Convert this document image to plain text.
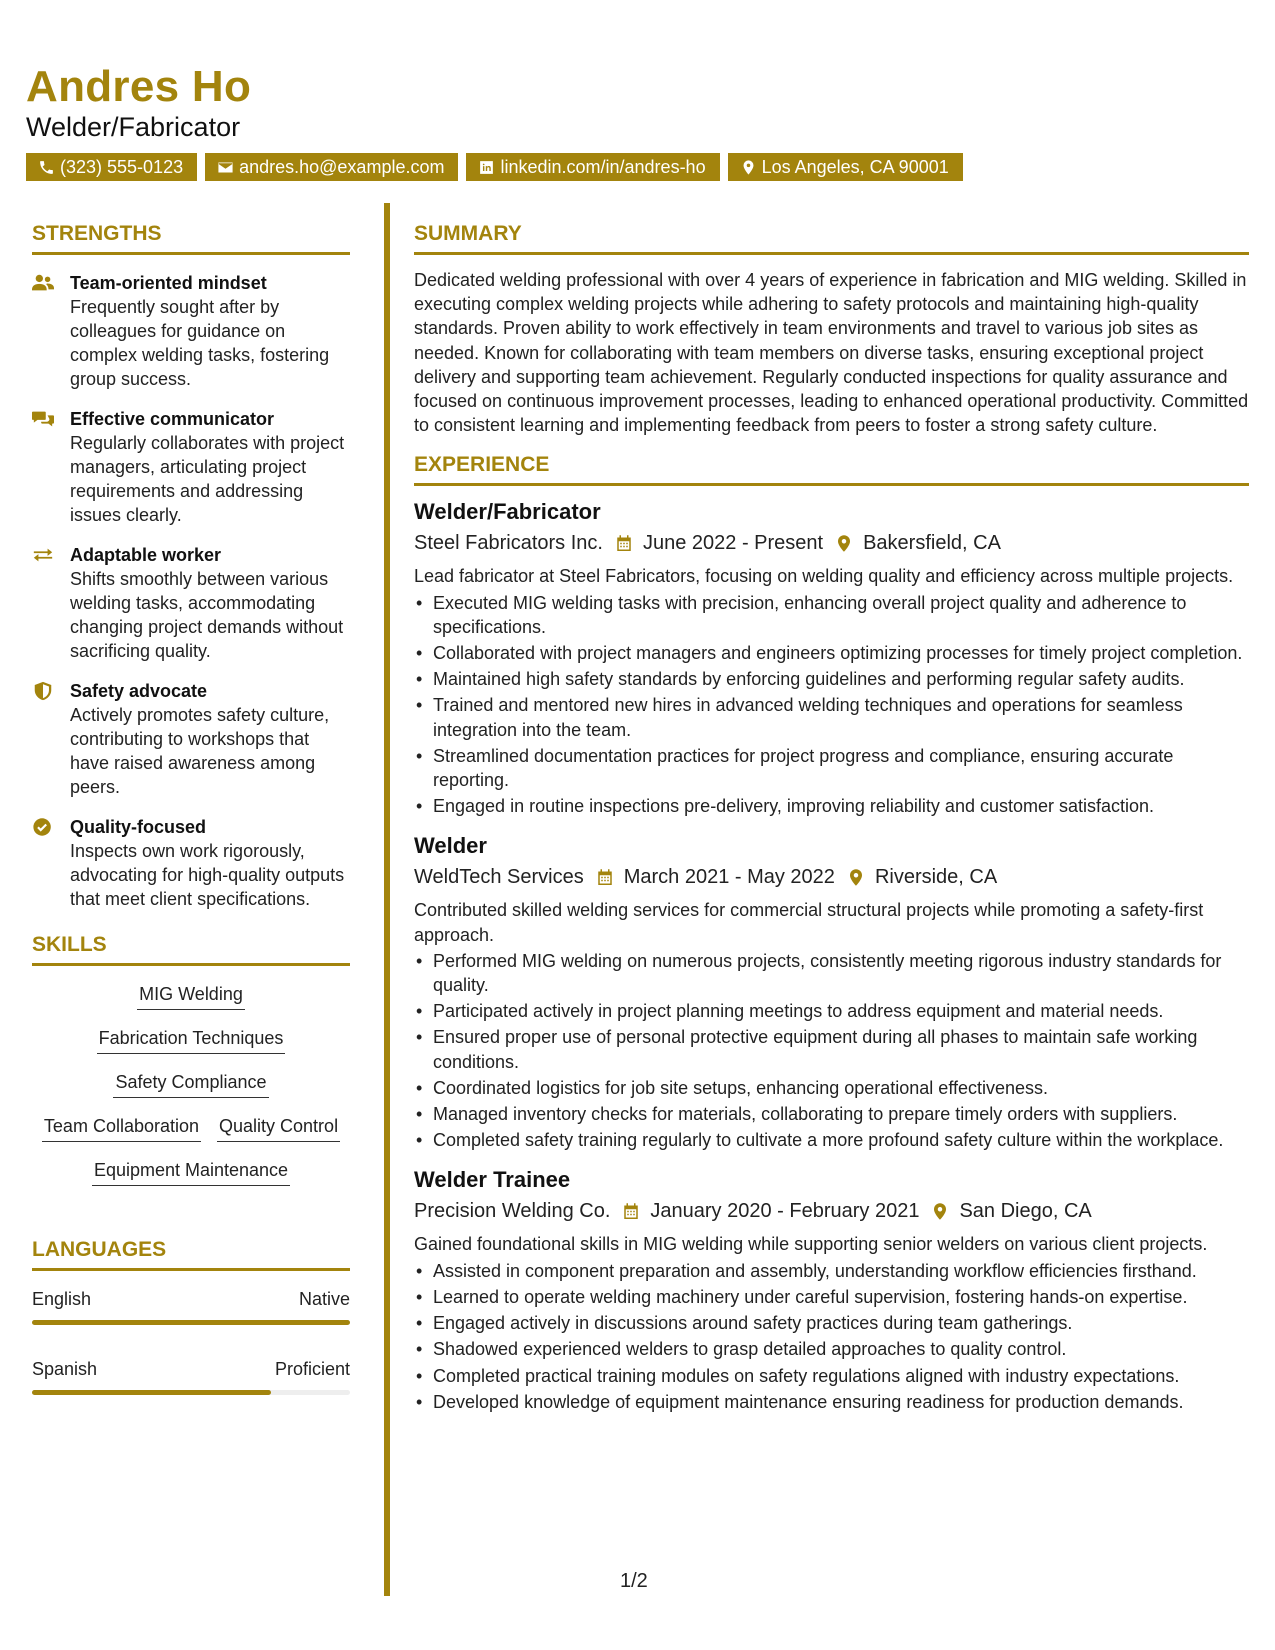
Andres Ho
Welder/Fabricator
(323) 555-0123	andres.ho@example.com	linkedin.com/in/andres-ho	Los Angeles, CA 90001
STRENGTHS
Team-oriented mindset
Frequently sought after by colleagues for guidance on complex welding tasks, fostering group success.
Effective communicator
Regularly collaborates with project managers, articulating project requirements and addressing issues clearly.
Adaptable worker
Shifts smoothly between various welding tasks, accommodating changing project demands without sacrificing quality.
Safety advocate
Actively promotes safety culture, contributing to workshops that have raised awareness among peers.
Quality-focused
Inspects own work rigorously, advocating for high-quality outputs that meet client specifications.
SKILLS
MIG Welding
Fabrication Techniques
Safety Compliance
Team Collaboration Quality Control
Equipment Maintenance
LANGUAGES
English	Native
Spanish	Proficient
SUMMARY
Dedicated welding professional with over 4 years of experience in fabrication and MIG welding. Skilled in executing complex welding projects while adhering to safety protocols and maintaining high-quality standards. Proven ability to work effectively in team environments and travel to various job sites as needed. Known for collaborating with team members on diverse tasks, ensuring exceptional project delivery and supporting team achievement. Regularly conducted inspections for quality assurance and focused on continuous improvement processes, leading to enhanced operational productivity. Committed to consistent learning and implementing feedback from peers to foster a strong safety culture.
EXPERIENCE
Welder/Fabricator
Steel Fabricators Inc. June 2022 - Present Bakersfield, CA
Lead fabricator at Steel Fabricators, focusing on welding quality and efficiency across multiple projects.
• Executed MIG welding tasks with precision, enhancing overall project quality and adherence to specifications.
• Collaborated with project managers and engineers optimizing processes for timely project completion.
• Maintained high safety standards by enforcing guidelines and performing regular safety audits.
• Trained and mentored new hires in advanced welding techniques and operations for seamless integration into the team.
• Streamlined documentation practices for project progress and compliance, ensuring accurate reporting.
• Engaged in routine inspections pre-delivery, improving reliability and customer satisfaction.
Welder
WeldTech Services March 2021 - May 2022 Riverside, CA
Contributed skilled welding services for commercial structural projects while promoting a safety-first approach.
• Performed MIG welding on numerous projects, consistently meeting rigorous industry standards for quality.
• Participated actively in project planning meetings to address equipment and material needs.
• Ensured proper use of personal protective equipment during all phases to maintain safe working conditions.
• Coordinated logistics for job site setups, enhancing operational effectiveness.
• Managed inventory checks for materials, collaborating to prepare timely orders with suppliers.
• Completed safety training regularly to cultivate a more profound safety culture within the workplace.
Welder Trainee
Precision Welding Co. January 2020 - February 2021 San Diego, CA
Gained foundational skills in MIG welding while supporting senior welders on various client projects.
• Assisted in component preparation and assembly, understanding workflow efficiencies firsthand.
• Learned to operate welding machinery under careful supervision, fostering hands-on expertise.
• Engaged actively in discussions around safety practices during team gatherings.
• Shadowed experienced welders to grasp detailed approaches to quality control.
• Completed practical training modules on safety regulations aligned with industry expectations.
• Developed knowledge of equipment maintenance ensuring readiness for production demands.
1/2
